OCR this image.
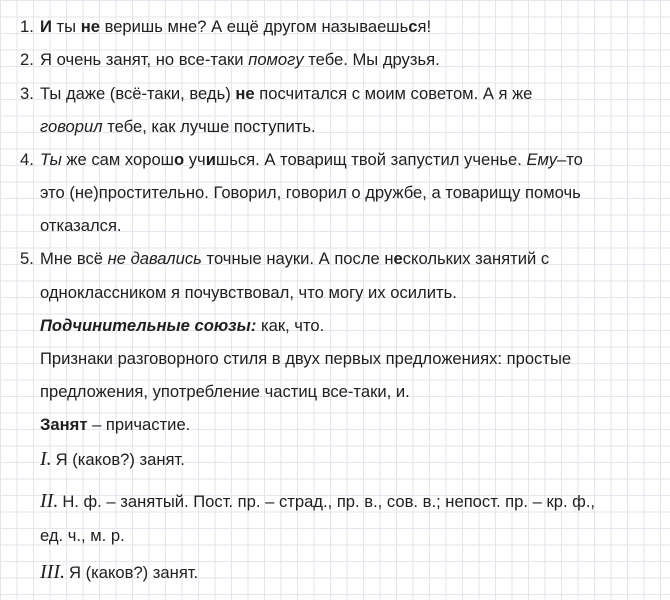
1. И ты не веришь мне? А ещё другом называешься!
2. Я очень занят, но все-таки помогу тебе. Мы друзья.
3. Ты даже (всё-таки, ведь) не посчитался с моим советом. А я же
говорил тебе, как лучше поступить.
4. Ты же сам хорошо учишься. А товарищ твой запустил ученье. Ему–то
это (не)простительно. Говорил, говорил о дружбе, а товарищу помочь
отказался.
5. Мне всё не давались точные науки. А после нескольких занятий с
одноклассником я почувствовал, что могу их осилить.
Подчинительные союзы: как, что.
Признаки разговорного стиля в двух первых предложениях: простые
предложения, употребление частиц все-таки, и.
Занят – причастие.
I. Я (каков?) занят.
II. Н. ф. – занятый. Пост. пр. – страд., пр. в., сов. в.; непост. пр. – кр. ф.,
ед. ч., м. р.
III. Я (каков?) занят.
